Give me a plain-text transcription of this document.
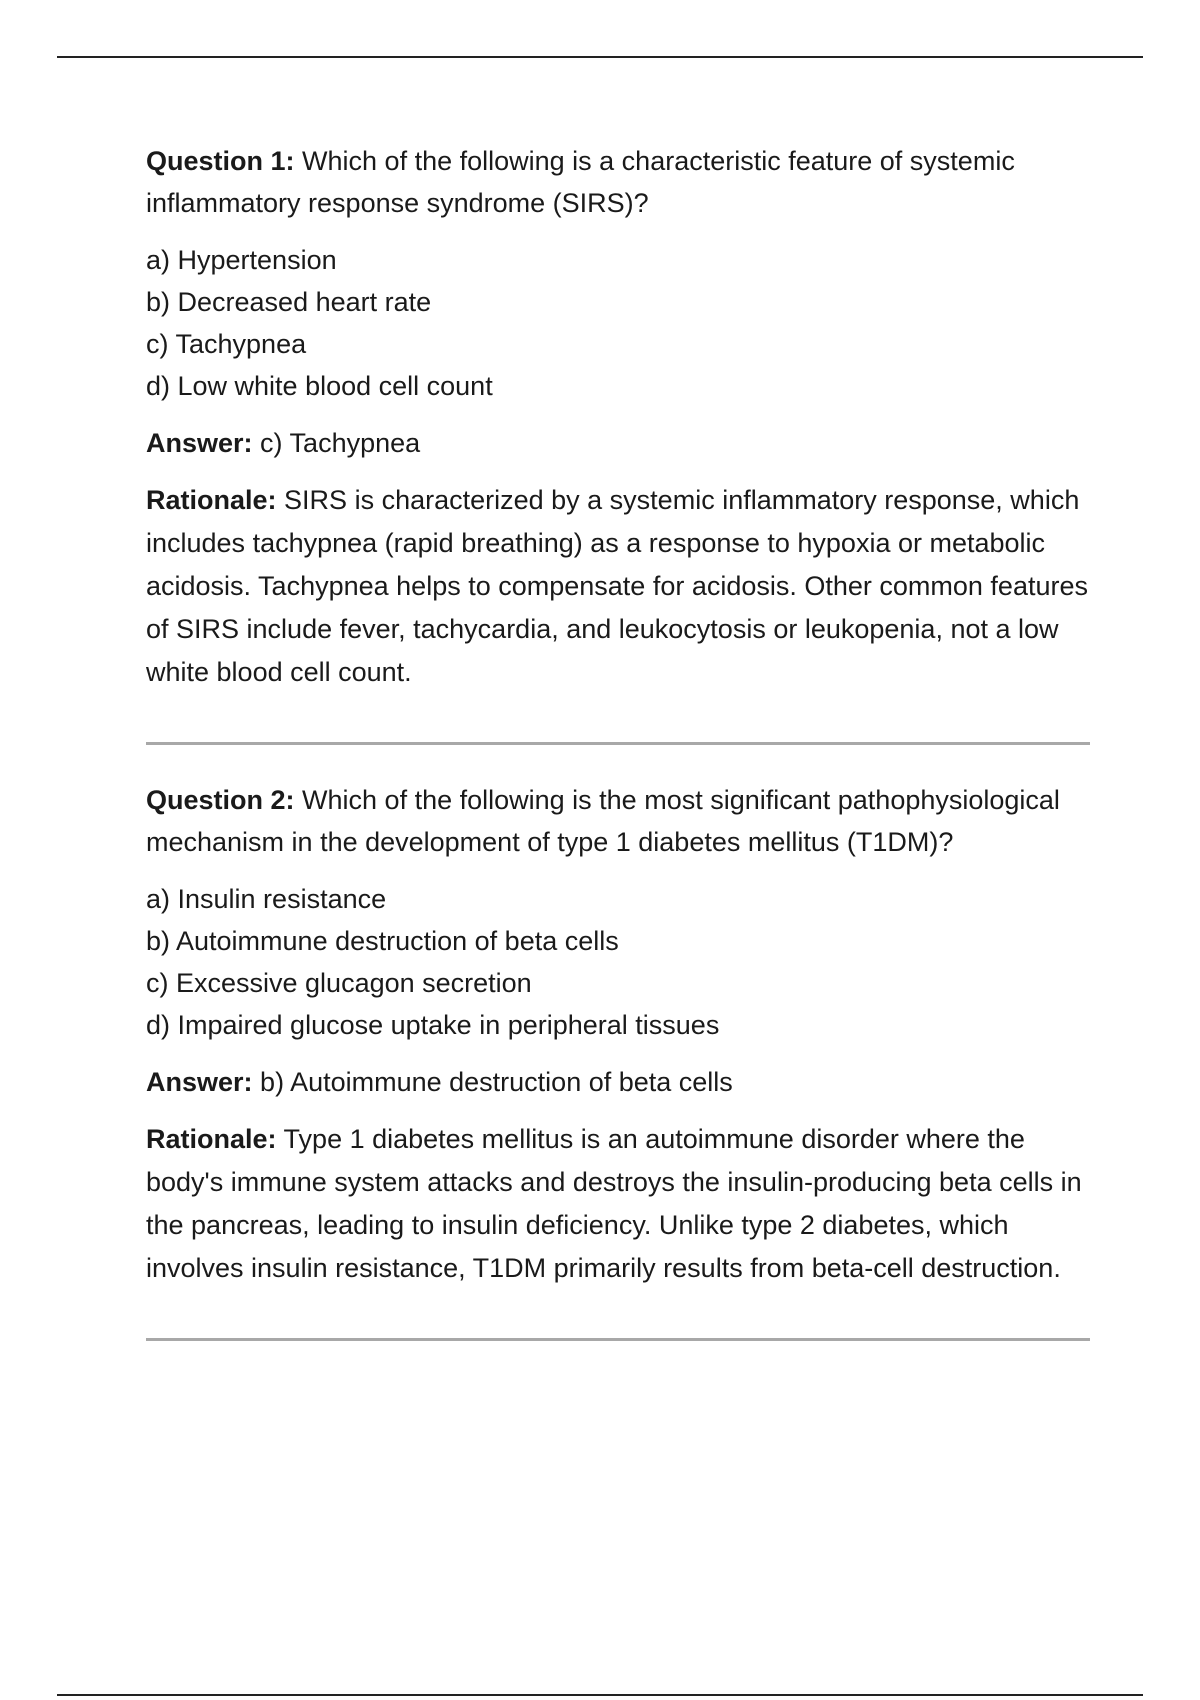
Question 1: Which of the following is a characteristic feature of systemic inflammatory response syndrome (SIRS)?

a) Hypertension
b) Decreased heart rate
c) Tachypnea
d) Low white blood cell count

Answer: c) Tachypnea

Rationale: SIRS is characterized by a systemic inflammatory response, which includes tachypnea (rapid breathing) as a response to hypoxia or metabolic acidosis. Tachypnea helps to compensate for acidosis. Other common features of SIRS include fever, tachycardia, and leukocytosis or leukopenia, not a low white blood cell count.

Question 2: Which of the following is the most significant pathophysiological mechanism in the development of type 1 diabetes mellitus (T1DM)?

a) Insulin resistance
b) Autoimmune destruction of beta cells
c) Excessive glucagon secretion
d) Impaired glucose uptake in peripheral tissues

Answer: b) Autoimmune destruction of beta cells

Rationale: Type 1 diabetes mellitus is an autoimmune disorder where the body's immune system attacks and destroys the insulin-producing beta cells in the pancreas, leading to insulin deficiency. Unlike type 2 diabetes, which involves insulin resistance, T1DM primarily results from beta-cell destruction.
